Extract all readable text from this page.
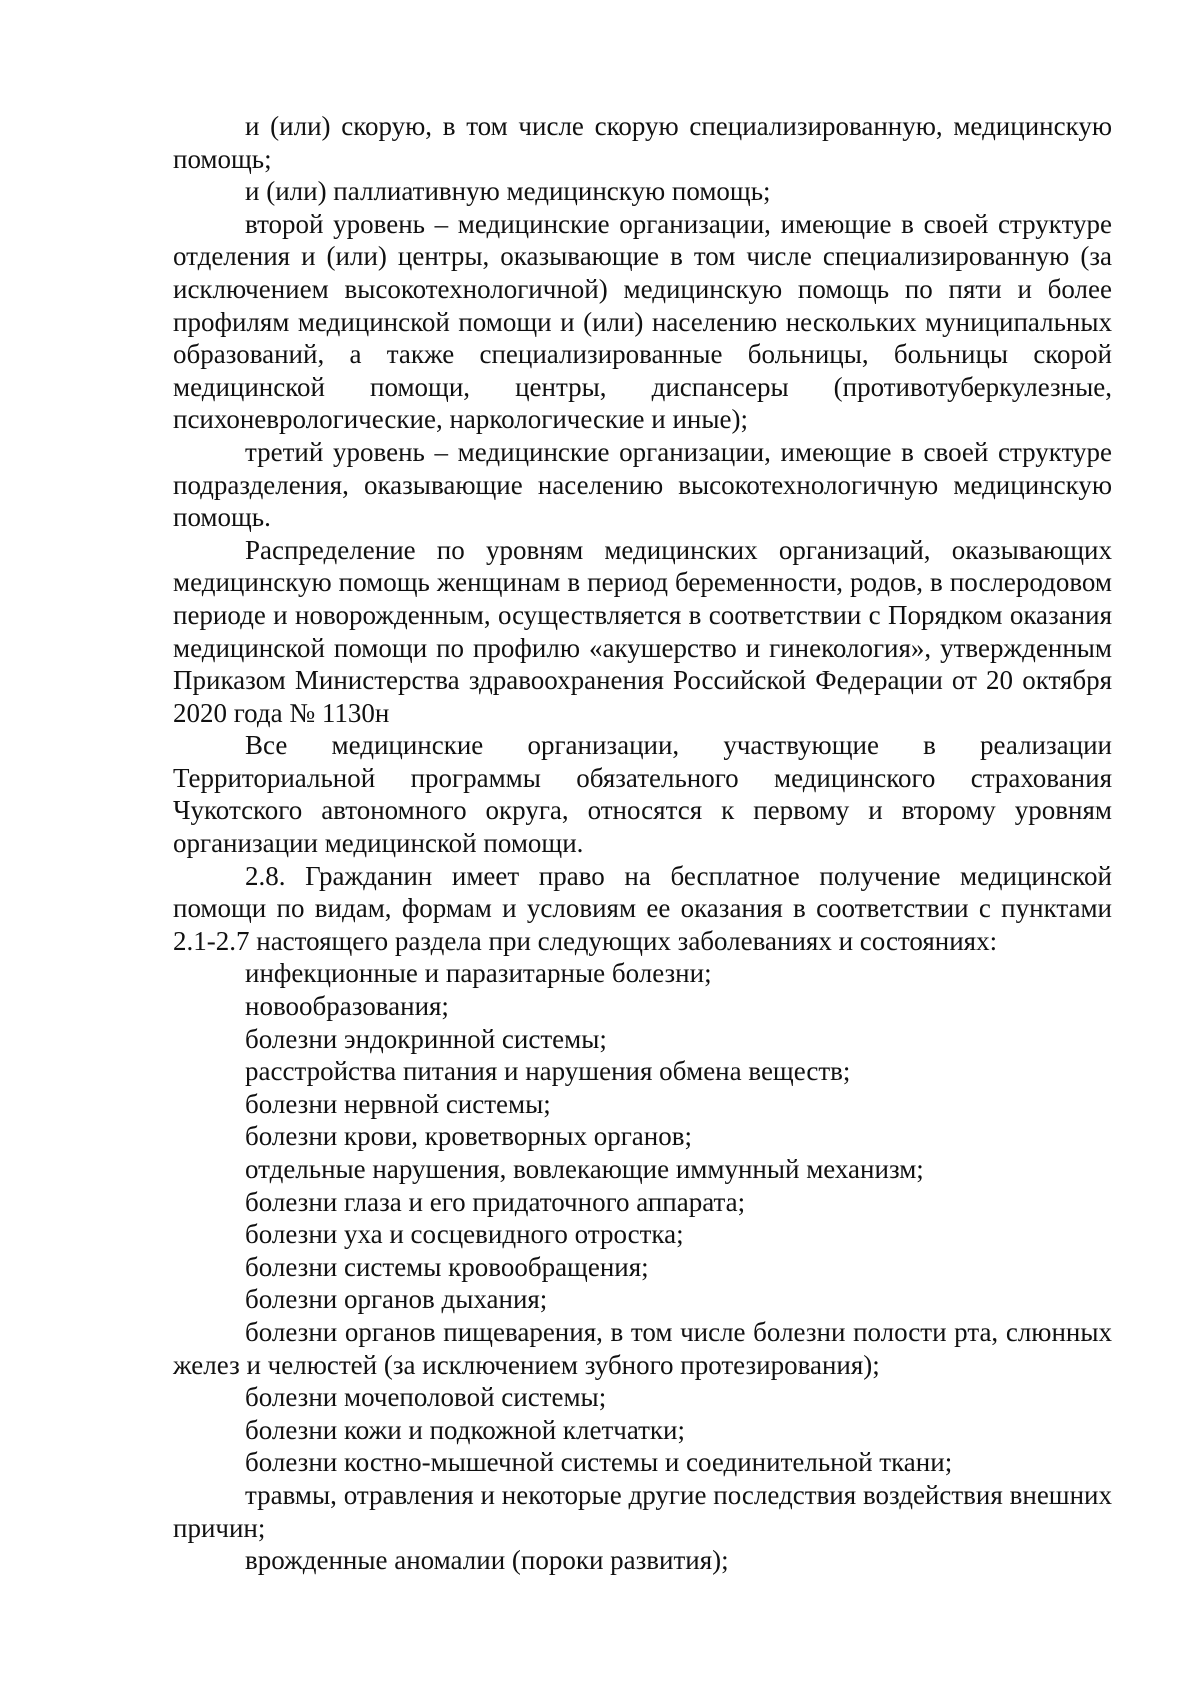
и (или) скорую, в том числе скорую специализированную, медицинскую помощь;

и (или) паллиативную медицинскую помощь;

второй уровень – медицинские организации, имеющие в своей структуре отделения и (или) центры, оказывающие в том числе специализированную (за исключением высокотехнологичной) медицинскую помощь по пяти и более профилям медицинской помощи и (или) населению нескольких муниципальных образований, а также специализированные больницы, больницы скорой медицинской помощи, центры, диспансеры (противотуберкулезные, психоневрологические, наркологические и иные);

третий уровень – медицинские организации, имеющие в своей структуре подразделения, оказывающие населению высокотехнологичную медицинскую помощь.

Распределение по уровням медицинских организаций, оказывающих медицинскую помощь женщинам в период беременности, родов, в послеродовом периоде и новорожденным, осуществляется в соответствии с Порядком оказания медицинской помощи по профилю «акушерство и гинекология», утвержденным Приказом Министерства здравоохранения Российской Федерации от 20 октября 2020 года № 1130н

Все медицинские организации, участвующие в реализации Территориальной программы обязательного медицинского страхования Чукотского автономного округа, относятся к первому и второму уровням организации медицинской помощи.

2.8. Гражданин имеет право на бесплатное получение медицинской помощи по видам, формам и условиям ее оказания в соответствии с пунктами 2.1-2.7 настоящего раздела при следующих заболеваниях и состояниях:

инфекционные и паразитарные болезни;

новообразования;

болезни эндокринной системы;

расстройства питания и нарушения обмена веществ;

болезни нервной системы;

болезни крови, кроветворных органов;

отдельные нарушения, вовлекающие иммунный механизм;

болезни глаза и его придаточного аппарата;

болезни уха и сосцевидного отростка;

болезни системы кровообращения;

болезни органов дыхания;

болезни органов пищеварения, в том числе болезни полости рта, слюнных желез и челюстей (за исключением зубного протезирования);

болезни мочеполовой системы;

болезни кожи и подкожной клетчатки;

болезни костно-мышечной системы и соединительной ткани;

травмы, отравления и некоторые другие последствия воздействия внешних причин;

врожденные аномалии (пороки развития);
